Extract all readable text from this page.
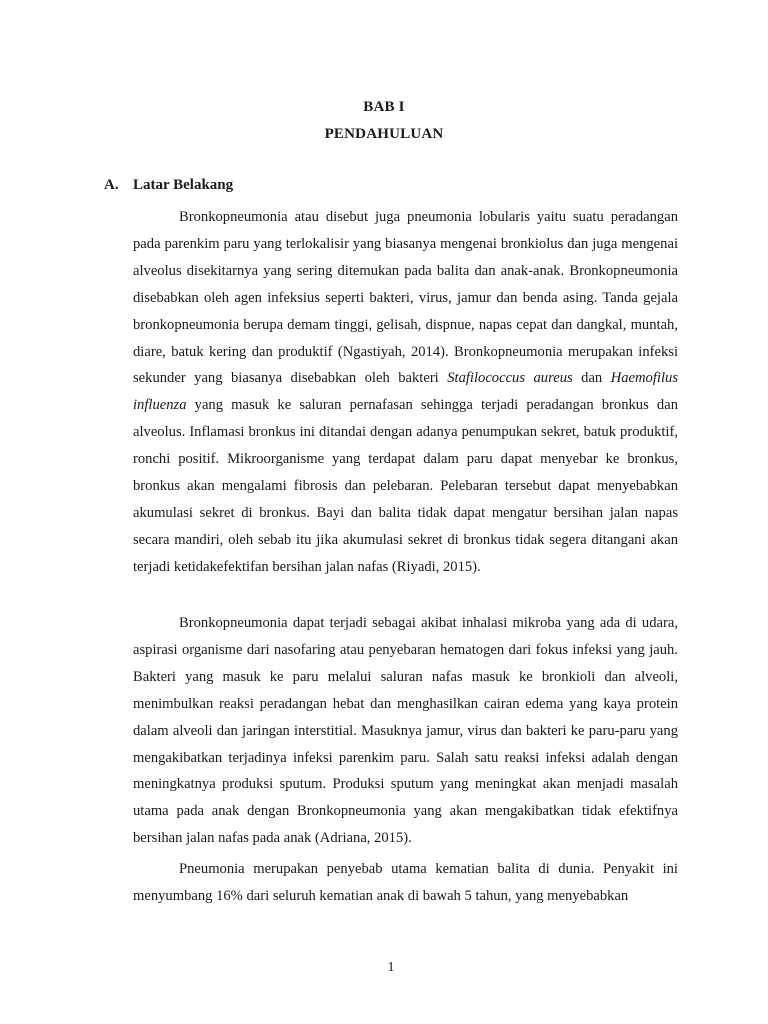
BAB I
PENDAHULUAN
A. Latar Belakang

Bronkopneumonia atau disebut juga pneumonia lobularis yaitu suatu peradangan pada parenkim paru yang terlokalisir yang biasanya mengenai bronkiolus dan juga mengenai alveolus disekitarnya yang sering ditemukan pada balita dan anak-anak. Bronkopneumonia disebabkan oleh agen infeksius seperti bakteri, virus, jamur dan benda asing. Tanda gejala bronkopneumonia berupa demam tinggi, gelisah, dispnue, napas cepat dan dangkal, muntah, diare, batuk kering dan produktif (Ngastiyah, 2014). Bronkopneumonia merupakan infeksi sekunder yang biasanya disebabkan oleh bakteri Stafilococcus aureus dan Haemofilus influenza yang masuk ke saluran pernafasan sehingga terjadi peradangan bronkus dan alveolus. Inflamasi bronkus ini ditandai dengan adanya penumpukan sekret, batuk produktif, ronchi positif. Mikroorganisme yang terdapat dalam paru dapat menyebar ke bronkus, bronkus akan mengalami fibrosis dan pelebaran. Pelebaran tersebut dapat menyebabkan akumulasi sekret di bronkus. Bayi dan balita tidak dapat mengatur bersihan jalan napas secara mandiri, oleh sebab itu jika akumulasi sekret di bronkus tidak segera ditangani akan terjadi ketidakefektifan bersihan jalan nafas (Riyadi, 2015).

Bronkopneumonia dapat terjadi sebagai akibat inhalasi mikroba yang ada di udara, aspirasi organisme dari nasofaring atau penyebaran hematogen dari fokus infeksi yang jauh. Bakteri yang masuk ke paru melalui saluran nafas masuk ke bronkioli dan alveoli, menimbulkan reaksi peradangan hebat dan menghasilkan cairan edema yang kaya protein dalam alveoli dan jaringan interstitial. Masuknya jamur, virus dan bakteri ke paru-paru yang mengakibatkan terjadinya infeksi parenkim paru. Salah satu reaksi infeksi adalah dengan meningkatnya produksi sputum. Produksi sputum yang meningkat akan menjadi masalah utama pada anak dengan Bronkopneumonia yang akan mengakibatkan tidak efektifnya bersihan jalan nafas pada anak (Adriana, 2015).

Pneumonia merupakan penyebab utama kematian balita di dunia. Penyakit ini menyumbang 16% dari seluruh kematian anak di bawah 5 tahun, yang menyebabkan

1
